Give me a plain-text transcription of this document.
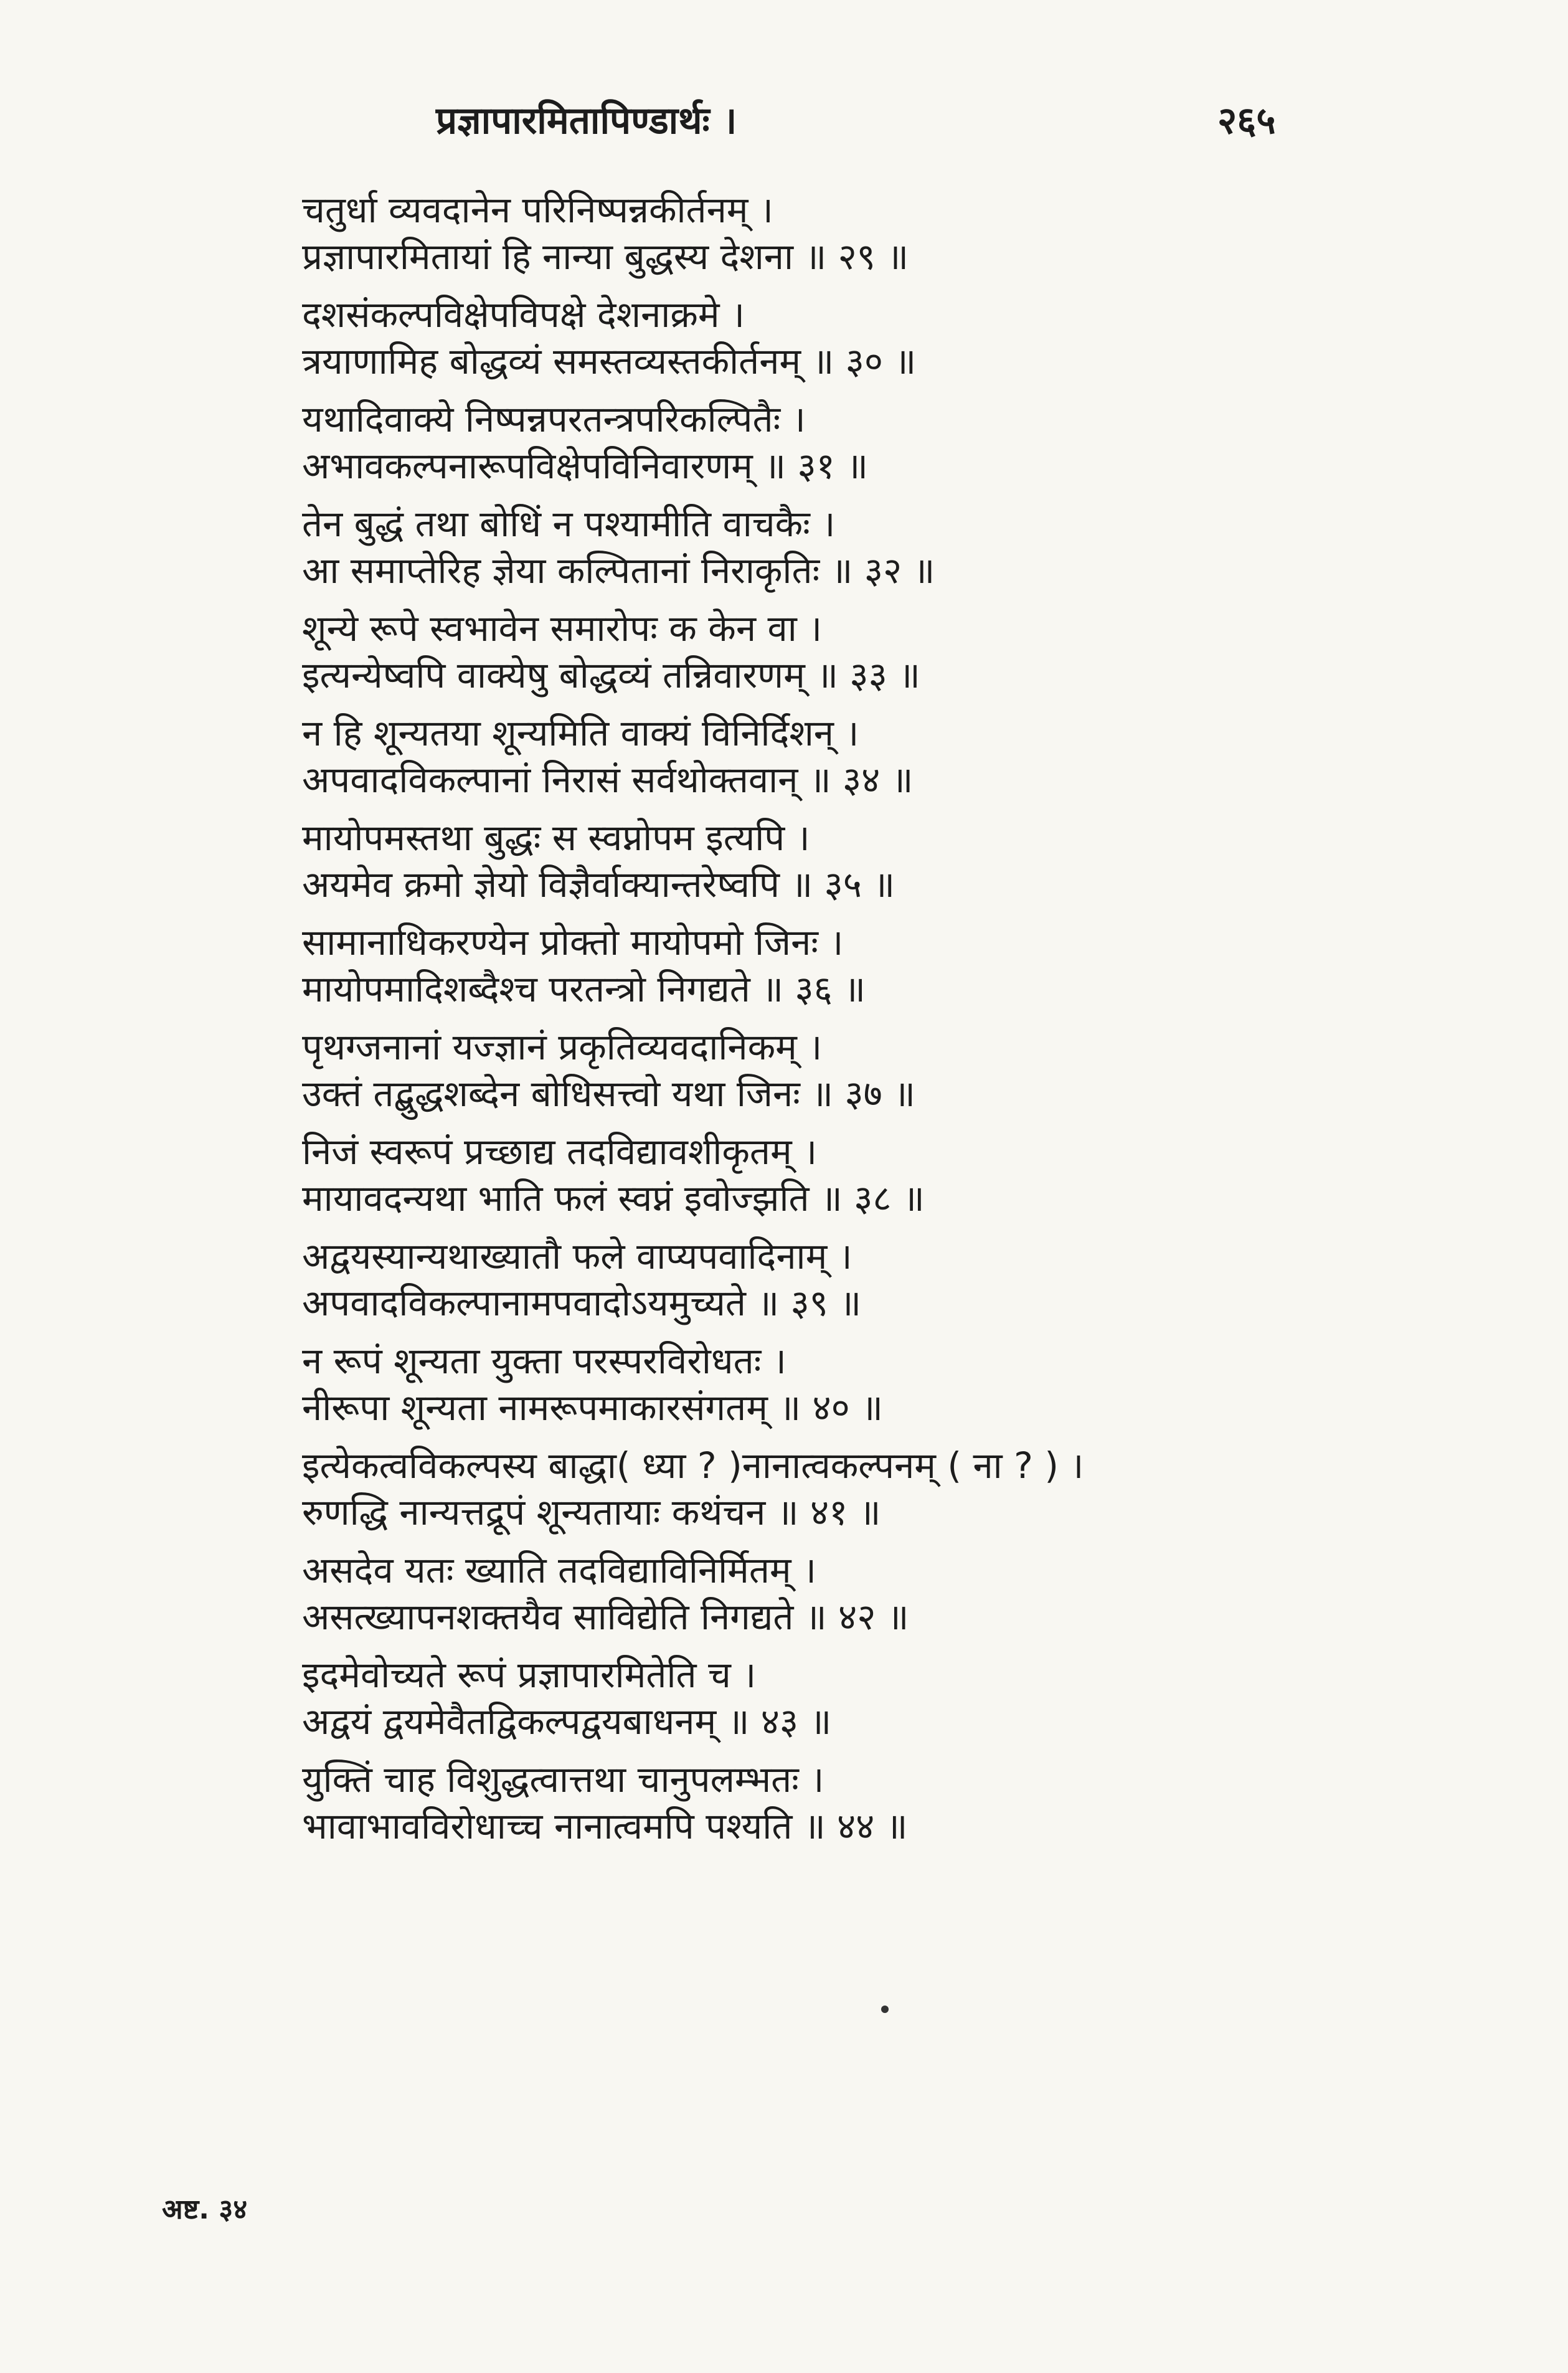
प्रज्ञापारमितापिण्डार्थः ।	२६५
चतुर्धा व्यवदानेन परिनिष्पन्नकीर्तनम् ।
प्रज्ञापारमितायां हि नान्या बुद्धस्य देशना ॥ २९ ॥
दशसंकल्पविक्षेपविपक्षे देशनाक्रमे ।
त्रयाणामिह बोद्धव्यं समस्तव्यस्तकीर्तनम् ॥ ३० ॥
यथादिवाक्ये निष्पन्नपरतन्त्रपरिकल्पितैः ।
अभावकल्पनारूपविक्षेपविनिवारणम् ॥ ३१ ॥
तेन बुद्धं तथा बोधिं न पश्यामीति वाचकैः ।
आ समाप्तेरिह ज्ञेया कल्पितानां निराकृतिः ॥ ३२ ॥
शून्ये रूपे स्वभावेन समारोपः क केन वा ।
इत्यन्येष्वपि वाक्येषु बोद्धव्यं तन्निवारणम् ॥ ३३ ॥
न हि शून्यतया शून्यमिति वाक्यं विनिर्दिशन् ।
अपवादविकल्पानां निरासं सर्वथोक्तवान् ॥ ३४ ॥
मायोपमस्तथा बुद्धः स स्वप्नोपम इत्यपि ।
अयमेव क्रमो ज्ञेयो विज्ञैर्वाक्यान्तरेष्वपि ॥ ३५ ॥
सामानाधिकरण्येन प्रोक्तो मायोपमो जिनः ।
मायोपमादिशब्दैश्च परतन्त्रो निगद्यते ॥ ३६ ॥
पृथग्जनानां यज्ज्ञानं प्रकृतिव्यवदानिकम् ।
उक्तं तद्बुद्धशब्देन बोधिसत्त्वो यथा जिनः ॥ ३७ ॥
निजं स्वरूपं प्रच्छाद्य तदविद्यावशीकृतम् ।
मायावदन्यथा भाति फलं स्वप्नं इवोज्झति ॥ ३८ ॥
अद्वयस्यान्यथाख्यातौ फले वाप्यपवादिनाम् ।
अपवादविकल्पानामपवादोऽयमुच्यते ॥ ३९ ॥
न रूपं शून्यता युक्ता परस्परविरोधतः ।
नीरूपा शून्यता नामरूपमाकारसंगतम् ॥ ४० ॥
इत्येकत्वविकल्पस्य बाद्धा( ध्या ? )नानात्वकल्पनम् ( ना ? ) ।
रुणद्धि नान्यत्तद्रूपं शून्यतायाः कथंचन ॥ ४१ ॥
असदेव यतः ख्याति तदविद्याविनिर्मितम् ।
असत्ख्यापनशक्तयैव साविद्येति निगद्यते ॥ ४२ ॥
इदमेवोच्यते रूपं प्रज्ञापारमितेति च ।
अद्वयं द्वयमेवैतद्विकल्पद्वयबाधनम् ॥ ४३ ॥
युक्तिं चाह विशुद्धत्वात्तथा चानुपलम्भतः ।
भावाभावविरोधाच्च नानात्वमपि पश्यति ॥ ४४ ॥
अष्ट. ३४
